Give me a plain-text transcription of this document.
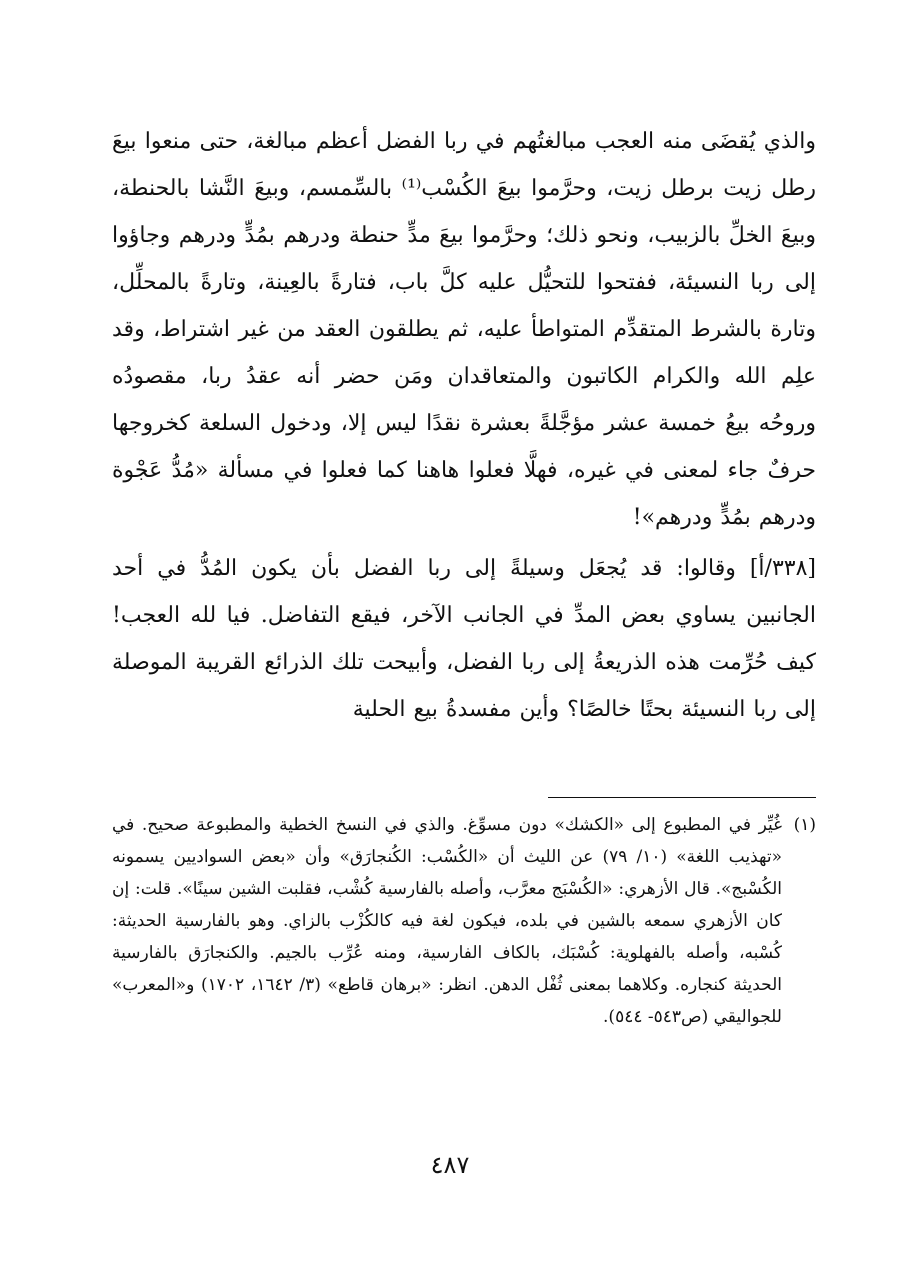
والذي يُقضَى منه العجب مبالغتُهم في ربا الفضل أعظم مبالغة، حتى منعوا بيعَ رطل زيت برطل زيت، وحرَّموا بيعَ الكُسْب⁽¹⁾ بالسِّمسم، وبيعَ النَّشا بالحنطة، وبيعَ الخلِّ بالزبيب، ونحو ذلك؛ وحرَّموا بيعَ مدٍّ حنطة ودرهم بمُدٍّ ودرهم وجاؤوا إلى ربا النسيئة، ففتحوا للتحيُّل عليه كلَّ باب، فتارةً بالعِينة، وتارةً بالمحلِّل، وتارة بالشرط المتقدِّم المتواطأ عليه، ثم يطلقون العقد من غير اشتراط، وقد علِم الله والكرام الكاتبون والمتعاقدان ومَن حضر أنه عقدُ ربا، مقصودُه وروحُه بيعُ خمسة عشر مؤجَّلةً بعشرة نقدًا ليس إلا، ودخول السلعة كخروجها حرفٌ جاء لمعنى في غيره، فهلَّا فعلوا هاهنا كما فعلوا في مسألة «مُدُّ عَجْوة ودرهم بمُدٍّ ودرهم»!

[٣٣٨/أ] وقالوا: قد يُجعَل وسيلةً إلى ربا الفضل بأن يكون المُدُّ في أحد الجانبين يساوي بعض المدِّ في الجانب الآخر، فيقع التفاضل. فيا لله العجب! كيف حُرِّمت هذه الذريعةُ إلى ربا الفضل، وأبيحت تلك الذرائع القريبة الموصلة إلى ربا النسيئة بحتًا خالصًا؟ وأين مفسدةُ بيع الحلية

(١)

غُيِّر في المطبوع إلى «الكشك» دون مسوِّغ. والذي في النسخ الخطية والمطبوعة صحيح. في «تهذيب اللغة» (١٠/ ٧٩) عن الليث أن «الكُسْب: الكُنجارَق» وأن «بعض السواديين يسمونه الكُسْبج». قال الأزهري: «الكُسْبَج معرَّب، وأصله بالفارسية كُشْب، فقلبت الشين سينًا». قلت: إن كان الأزهري سمعه بالشين في بلده، فيكون لغة فيه كالكُزْب بالزاي. وهو بالفارسية الحديثة: كُسْبه، وأصله بالفهلوية: كُسْبَك، بالكاف الفارسية، ومنه عُرِّب بالجيم. والكنجارَق بالفارسية الحديثة كنجاره. وكلاهما بمعنى ثُفْل الدهن. انظر: «برهان قاطع» (٣/ ١٦٤٢، ١٧٠٢) و«المعرب» للجواليقي (ص٥٤٣- ٥٤٤).

٤٨٧
